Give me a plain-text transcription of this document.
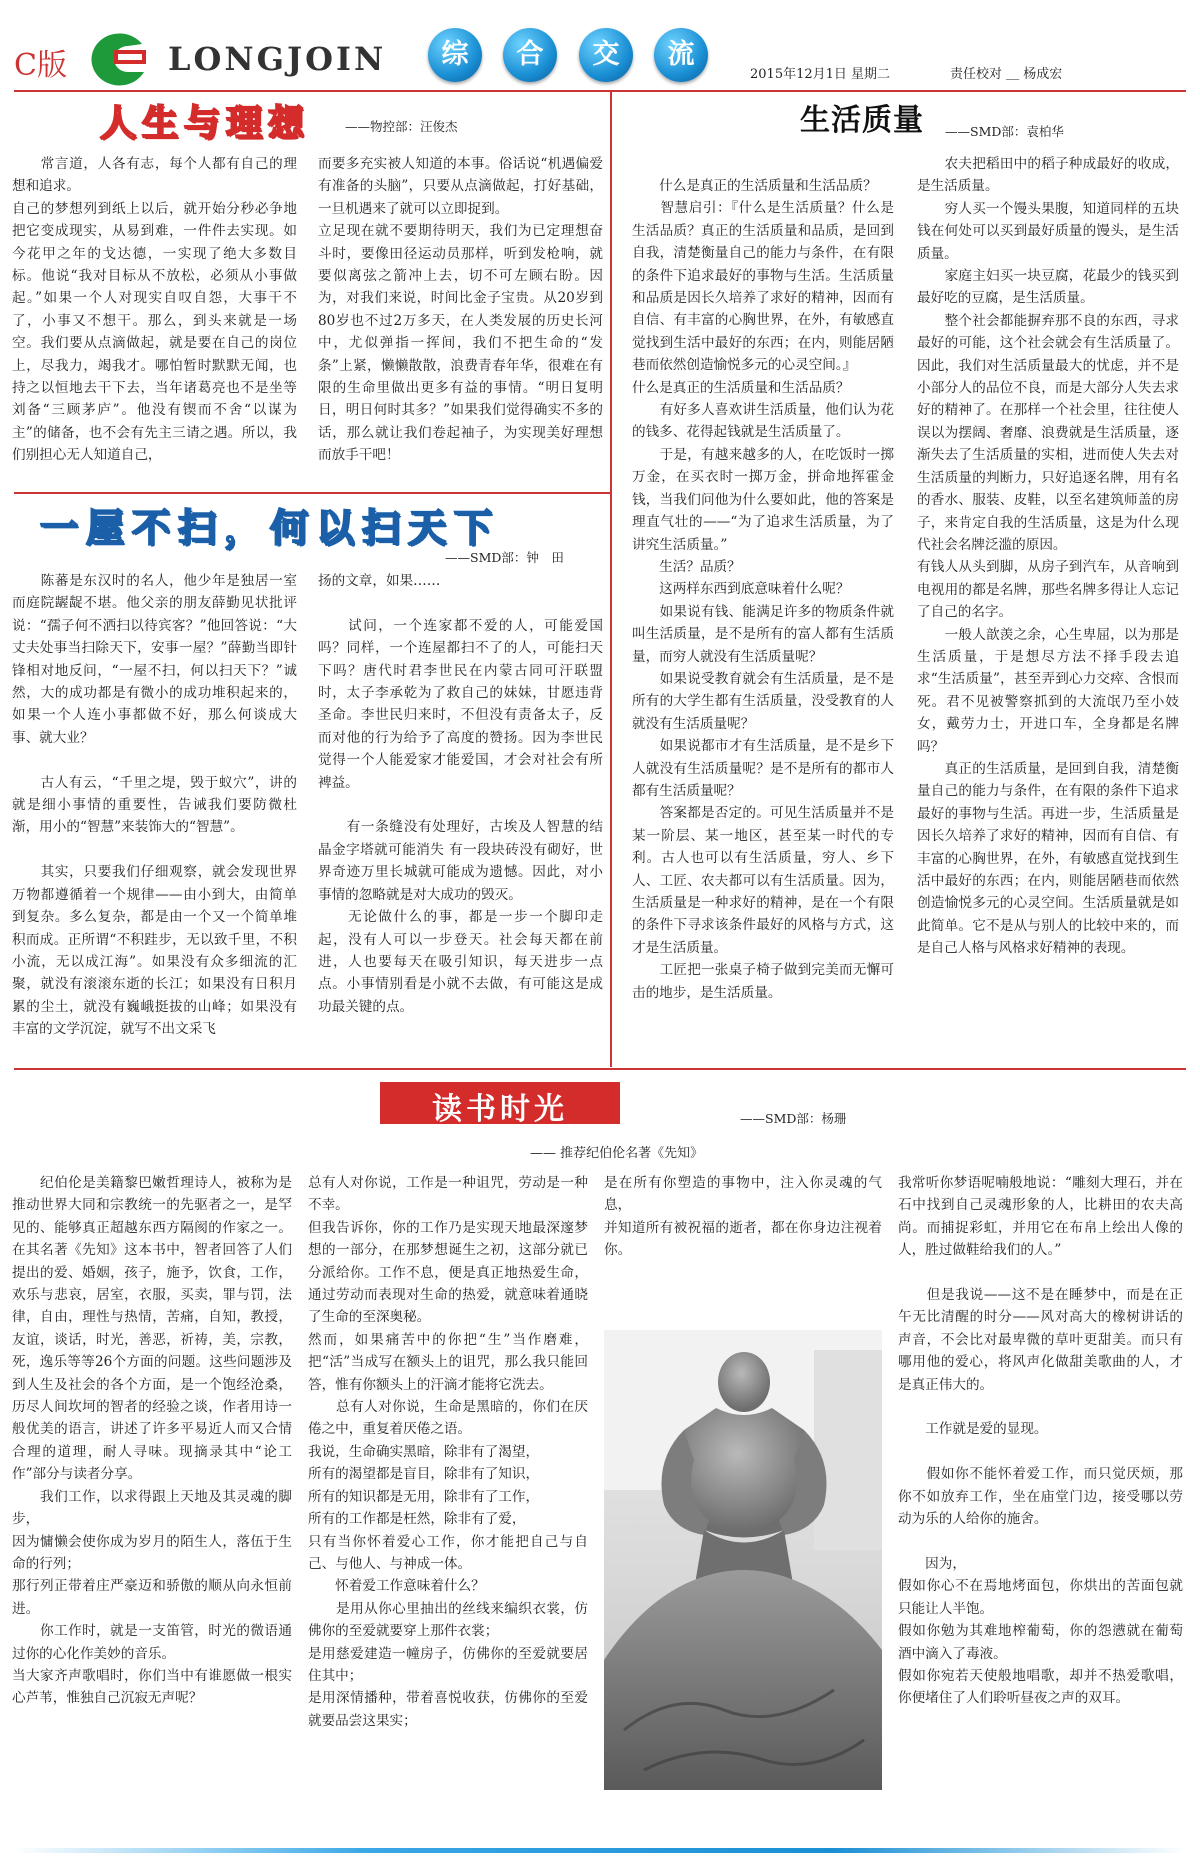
C版	LONGJOIN	综	合	交	流
2015年12月1日 星期二	责任校对 ＿ 杨成宏
人生与理想	——物控部：汪俊杰

　　常言道，人各有志，每个人都有自己的理想和追求。
自己的梦想列到纸上以后，就开始分秒必争地把它变成现实，从易到难，一件件去实现。如今花甲之年的戈达德，一实现了绝大多数目标。他说“我对目标从不放松，必须从小事做起。”如果一个人对现实自叹自怨，大事干不了，小事又不想干。那么，到头来就是一场空。我们要从点滴做起，就是要在自己的岗位上，尽我力，竭我才。哪怕暂时默默无闻，也持之以恒地去干下去，当年诸葛亮也不是坐等刘备“三顾茅庐”。他没有锲而不舍“以谋为主”的储备，也不会有先主三请之遇。所以，我们别担心无人知道自己，

而要多充实被人知道的本事。俗话说“机遇偏爱有准备的头脑”，只要从点滴做起，打好基础，一旦机遇来了就可以立即捉到。
立足现在就不要期待明天，我们为已定理想奋斗时，要像田径运动员那样，听到发枪响，就要似离弦之箭冲上去，切不可左顾右盼。因为，对我们来说，时间比金子宝贵。从20岁到80岁也不过2万多天，在人类发展的历史长河中，尤似弹指一挥间，我们不把生命的“发条”上紧，懒懒散散，浪费青春年华，很难在有限的生命里做出更多有益的事情。“明日复明日，明日何时其多？”如果我们觉得确实不多的话，那么就让我们卷起袖子，为实现美好理想而放手干吧！

一屋不扫，何以扫天下
——SMD部：钟　田

　　陈蕃是东汉时的名人，他少年是独居一室而庭院龌龊不堪。他父亲的朋友薛勤见状批评说：“孺子何不洒扫以待宾客？”他回答说：“大丈夫处事当扫除天下，安事一屋？”薛勤当即针锋相对地反问，“一屋不扫，何以扫天下？”诚然，大的成功都是有微小的成功堆积起来的，如果一个人连小事都做不好，那么何谈成大事、就大业？

　　古人有云，“千里之堤，毁于蚁穴”，讲的就是细小事情的重要性，告诫我们要防微杜渐，用小的“智慧”来装饰大的“智慧”。

　　其实，只要我们仔细观察，就会发现世界万物都遵循着一个规律——由小到大，由简单到复杂。多么复杂，都是由一个又一个简单堆积而成。正所谓“不积跬步，无以致千里，不积小流，无以成江海”。如果没有众多细流的汇聚，就没有滚滚东逝的长江；如果没有日积月累的尘土，就没有巍峨挺拔的山峰；如果没有丰富的文学沉淀，就写不出文采飞

扬的文章，如果……

　　试问，一个连家都不爱的人，可能爱国吗？同样，一个连屋都扫不了的人，可能扫天下吗？唐代时君李世民在内蒙古同可汗联盟时，太子李承乾为了救自己的妹妹，甘愿违背圣命。李世民归来时，不但没有责备太子，反而对他的行为给予了高度的赞扬。因为李世民觉得一个人能爱家才能爱国，才会对社会有所裨益。

　　有一条缝没有处理好，古埃及人智慧的结晶金字塔就可能消失 有一段块砖没有砌好，世界奇迹万里长城就可能成为遗憾。因此，对小事情的忽略就是对大成功的毁灭。
　　无论做什么的事，都是一步一个脚印走起，没有人可以一步登天。社会每天都在前进，人也要每天在吸引知识，每天进步一点点。小事情别看是小就不去做，有可能这是成功最关键的点。

生活质量 ——SMD部：袁柏华

　　什么是真正的生活质量和生活品质？
　　智慧启引：『什么是生活质量？什么是生活品质？真正的生活质量和品质，是回到自我，清楚衡量自己的能力与条件，在有限的条件下追求最好的事物与生活。生活质量和品质是因长久培养了求好的精神，因而有自信、有丰富的心胸世界，在外，有敏感直觉找到生活中最好的东西；在内，则能居陋巷而依然创造愉悦多元的心灵空间。』
什么是真正的生活质量和生活品质？
　　有好多人喜欢讲生活质量，他们认为花的钱多、花得起钱就是生活质量了。
　　于是，有越来越多的人，在吃饭时一掷万金，在买衣时一掷万金，拼命地挥霍金钱，当我们问他为什么要如此，他的答案是理直气壮的——“为了追求生活质量，为了讲究生活质量。”
　　生活？品质？
　　这两样东西到底意味着什么呢？
　　如果说有钱、能满足许多的物质条件就叫生活质量，是不是所有的富人都有生活质量，而穷人就没有生活质量呢？
　　如果说受教育就会有生活质量，是不是所有的大学生都有生活质量，没受教育的人就没有生活质量呢？
　　如果说都市才有生活质量，是不是乡下人就没有生活质量呢？是不是所有的都市人都有生活质量呢？
　　答案都是否定的。可见生活质量并不是某一阶层、某一地区，甚至某一时代的专利。古人也可以有生活质量，穷人、乡下人、工匠、农夫都可以有生活质量。因为，生活质量是一种求好的精神，是在一个有限的条件下寻求该条件最好的风格与方式，这才是生活质量。
　　工匠把一张桌子椅子做到完美而无懈可击的地步，是生活质量。

　　农夫把稻田中的稻子种成最好的收成，是生活质量。
　　穷人买一个馒头果腹，知道同样的五块钱在何处可以买到最好质量的馒头，是生活质量。
　　家庭主妇买一块豆腐，花最少的钱买到最好吃的豆腐，是生活质量。
　　整个社会都能摒弃那不良的东西，寻求最好的可能，这个社会就会有生活质量了。因此，我们对生活质量最大的忧虑，并不是小部分人的品位不良，而是大部分人失去求好的精神了。在那样一个社会里，往往使人误以为摆阔、奢靡、浪费就是生活质量，逐渐失去了生活质量的实相，进而使人失去对生活质量的判断力，只好追逐名牌，用有名的香水、服装、皮鞋，以至名建筑师盖的房子，来肯定自我的生活质量，这是为什么现代社会名牌泛滥的原因。
有钱人从头到脚，从房子到汽车，从音响到电视用的都是名牌，那些名牌多得让人忘记了自己的名字。
　　一般人歆羡之余，心生卑屈，以为那是生活质量，于是想尽方法不择手段去追求“生活质量”，甚至弄到心力交瘁、含恨而死。君不见被警察抓到的大流氓乃至小妓女，戴劳力士，开进口车，全身都是名牌吗？
　　真正的生活质量，是回到自我，清楚衡量自己的能力与条件，在有限的条件下追求最好的事物与生活。再进一步，生活质量是因长久培养了求好的精神，因而有自信、有丰富的心胸世界，在外，有敏感直觉找到生活中最好的东西；在内，则能居陋巷而依然创造愉悦多元的心灵空间。生活质量就是如此简单。它不是从与别人的比较中来的，而是自己人格与风格求好精神的表现。

读书时光	——SMD部：杨珊
—— 推荐纪伯伦名著《先知》

　　纪伯伦是美籍黎巴嫩哲理诗人，被称为是推动世界大同和宗教统一的先驱者之一，是罕见的、能够真正超越东西方隔阂的作家之一。在其名著《先知》这本书中，智者回答了人们提出的爱、婚姻，孩子，施予，饮食，工作，欢乐与悲哀，居室，衣服，买卖，罪与罚，法律，自由，理性与热情，苦痛，自知，教授，友谊，谈话，时光，善恶，祈祷，美，宗教，死，逸乐等等26个方面的问题。这些问题涉及到人生及社会的各个方面，是一个饱经沧桑，历尽人间坎坷的智者的经验之谈，作者用诗一般优美的语言，讲述了许多平易近人而又合情合理的道理，耐人寻味。现摘录其中“论工作”部分与读者分享。
　　我们工作，以求得跟上天地及其灵魂的脚步，
因为慵懒会使你成为岁月的陌生人，落伍于生命的行列；
那行列正带着庄严豪迈和骄傲的顺从向永恒前进。
　　你工作时，就是一支笛管，时光的微语通过你的心化作美妙的音乐。
当大家齐声歌唱时，你们当中有谁愿做一根实心芦苇，惟独自己沉寂无声呢？

总有人对你说，工作是一种诅咒，劳动是一种不幸。
但我告诉你，你的工作乃是实现天地最深邃梦想的一部分，在那梦想诞生之初，这部分就已分派给你。工作不息，便是真正地热爱生命，通过劳动而表现对生命的热爱，就意味着通晓了生命的至深奥秘。
然而，如果痛苦中的你把“生”当作磨难，把“活”当成写在额头上的诅咒，那么我只能回答，惟有你额头上的汗滴才能将它洗去。
　　总有人对你说，生命是黑暗的，你们在厌倦之中，重复着厌倦之语。
我说，生命确实黑暗，除非有了渴望，
所有的渴望都是盲目，除非有了知识，
所有的知识都是无用，除非有了工作，
所有的工作都是枉然，除非有了爱，
只有当你怀着爱心工作，你才能把自己与自己、与他人、与神成一体。
　　怀着爱工作意味着什么？
　　是用从你心里抽出的丝线来编织衣裳，仿佛你的至爱就要穿上那件衣裳；
是用慈爱建造一幢房子，仿佛你的至爱就要居住其中；
是用深情播种，带着喜悦收获，仿佛你的至爱就要品尝这果实；

是在所有你塑造的事物中，注入你灵魂的气息，
并知道所有被祝福的逝者，都在你身边注视着你。

我常听你梦语呢喃般地说：“雕刻大理石，并在石中找到自己灵魂形象的人，比耕田的农夫高尚。而捕捉彩虹，并用它在布帛上绘出人像的人，胜过做鞋给我们的人。”

　　但是我说——这不是在睡梦中，而是在正午无比清醒的时分——风对高大的橡树讲话的声音，不会比对最卑微的草叶更甜美。而只有哪用他的爱心，将风声化做甜美歌曲的人，才是真正伟大的。

　　工作就是爱的显现。

　　假如你不能怀着爱工作，而只觉厌烦，那你不如放弃工作，坐在庙堂门边，接受哪以劳动为乐的人给你的施舍。

　　因为，
假如你心不在焉地烤面包，你烘出的苦面包就只能让人半饱。
假如你勉为其难地榨葡萄，你的怨懑就在葡萄酒中滴入了毒液。
假如你宛若天使般地唱歌，却并不热爱歌唱，你便堵住了人们聆听昼夜之声的双耳。
